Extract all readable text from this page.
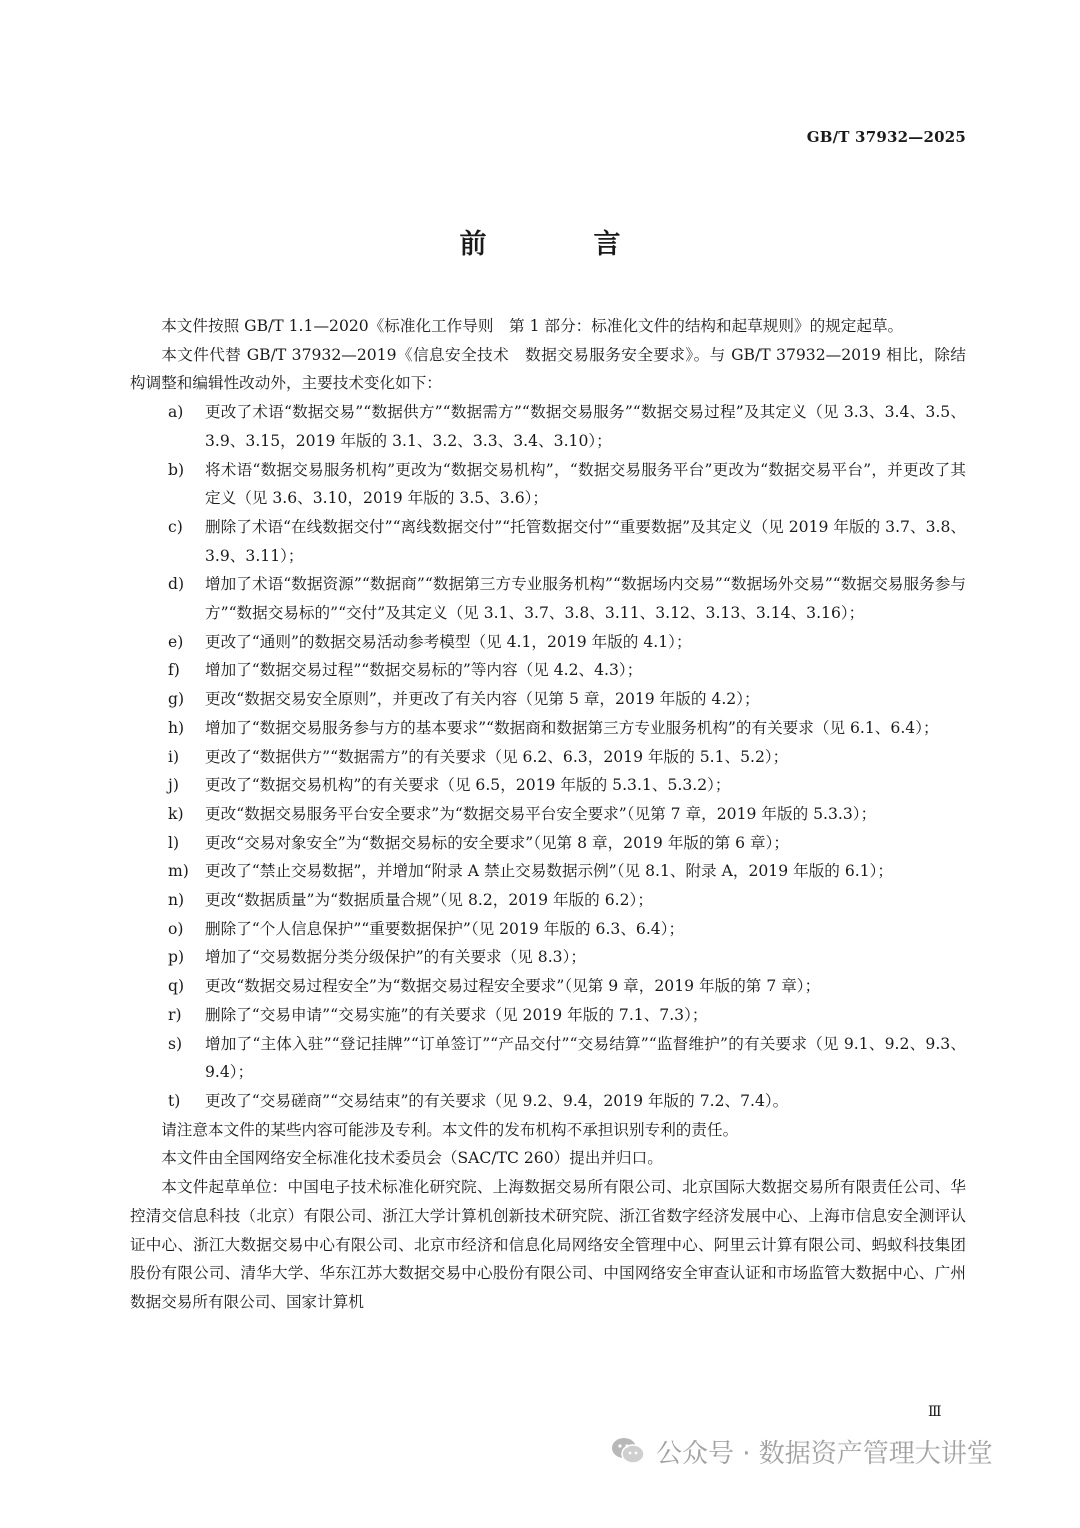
GB/T 37932—2025
前　言

本文件按照 GB/T 1.1—2020《标准化工作导则　第 1 部分：标准化文件的结构和起草规则》的规定起草。

本文件代替 GB/T 37932—2019《信息安全技术　数据交易服务安全要求》。与 GB/T 37932—2019 相比，除结构调整和编辑性改动外，主要技术变化如下：

a)	更改了术语“数据交易”“数据供方”“数据需方”“数据交易服务”“数据交易过程”及其定义（见 3.3、3.4、3.5、3.9、3.15，2019 年版的 3.1、3.2、3.3、3.4、3.10）；
b)	将术语“数据交易服务机构”更改为“数据交易机构”，“数据交易服务平台”更改为“数据交易平台”，并更改了其定义（见 3.6、3.10，2019 年版的 3.5、3.6）；
c)	删除了术语“在线数据交付”“离线数据交付”“托管数据交付”“重要数据”及其定义（见 2019 年版的 3.7、3.8、3.9、3.11）；
d)	增加了术语“数据资源”“数据商”“数据第三方专业服务机构”“数据场内交易”“数据场外交易”“数据交易服务参与方”“数据交易标的”“交付”及其定义（见 3.1、3.7、3.8、3.11、3.12、3.13、3.14、3.16）；
e)	更改了“通则”的数据交易活动参考模型（见 4.1，2019 年版的 4.1）；
f)	增加了“数据交易过程”“数据交易标的”等内容（见 4.2、4.3）；
g)	更改“数据交易安全原则”，并更改了有关内容（见第 5 章，2019 年版的 4.2）；
h)	增加了“数据交易服务参与方的基本要求”“数据商和数据第三方专业服务机构”的有关要求（见 6.1、6.4）；
i)	更改了“数据供方”“数据需方”的有关要求（见 6.2、6.3，2019 年版的 5.1、5.2）；
j)	更改了“数据交易机构”的有关要求（见 6.5，2019 年版的 5.3.1、5.3.2）；
k)	更改“数据交易服务平台安全要求”为“数据交易平台安全要求”（见第 7 章，2019 年版的 5.3.3）；
l)	更改“交易对象安全”为“数据交易标的安全要求”（见第 8 章，2019 年版的第 6 章）；
m)	更改了“禁止交易数据”，并增加“附录 A 禁止交易数据示例”（见 8.1、附录 A，2019 年版的 6.1）；
n)	更改“数据质量”为“数据质量合规”（见 8.2，2019 年版的 6.2）；
o)	删除了“个人信息保护”“重要数据保护”（见 2019 年版的 6.3、6.4）；
p)	增加了“交易数据分类分级保护”的有关要求（见 8.3）；
q)	更改“数据交易过程安全”为“数据交易过程安全要求”（见第 9 章，2019 年版的第 7 章）；
r)	删除了“交易申请”“交易实施”的有关要求（见 2019 年版的 7.1、7.3）；
s)	增加了“主体入驻”“登记挂牌”“订单签订”“产品交付”“交易结算”“监督维护”的有关要求（见 9.1、9.2、9.3、9.4）；
t)	更改了“交易磋商”“交易结束”的有关要求（见 9.2、9.4，2019 年版的 7.2、7.4）。

请注意本文件的某些内容可能涉及专利。本文件的发布机构不承担识别专利的责任。

本文件由全国网络安全标准化技术委员会（SAC/TC 260）提出并归口。

本文件起草单位：中国电子技术标准化研究院、上海数据交易所有限公司、北京国际大数据交易所有限责任公司、华控清交信息科技（北京）有限公司、浙江大学计算机创新技术研究院、浙江省数字经济发展中心、上海市信息安全测评认证中心、浙江大数据交易中心有限公司、北京市经济和信息化局网络安全管理中心、阿里云计算有限公司、蚂蚁科技集团股份有限公司、清华大学、华东江苏大数据交易中心股份有限公司、中国网络安全审查认证和市场监管大数据中心、广州数据交易所有限公司、国家计算机

Ⅲ
公众号 · 数据资产管理大讲堂
